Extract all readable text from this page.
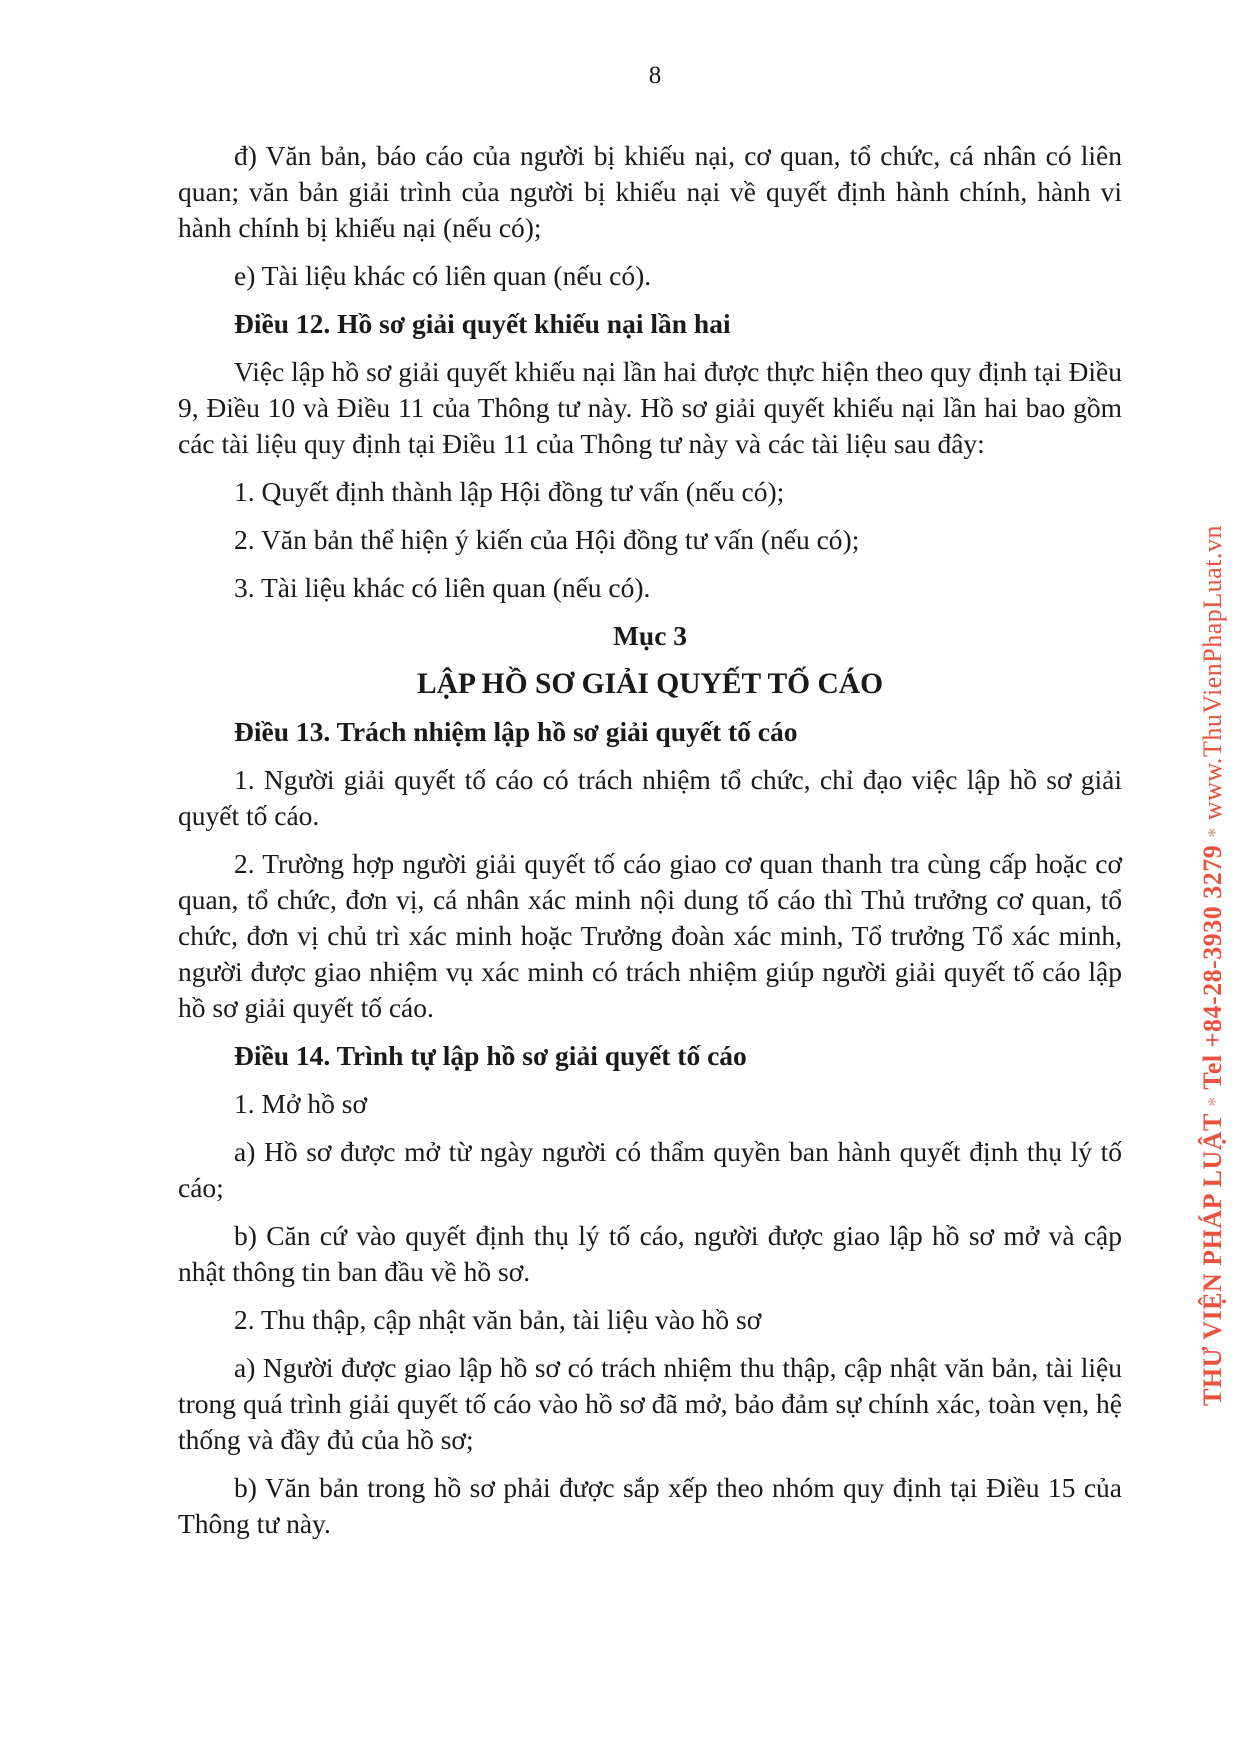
8

đ) Văn bản, báo cáo của người bị khiếu nại, cơ quan, tổ chức, cá nhân có liên quan; văn bản giải trình của người bị khiếu nại về quyết định hành chính, hành vi hành chính bị khiếu nại (nếu có);

e) Tài liệu khác có liên quan (nếu có).

Điều 12. Hồ sơ giải quyết khiếu nại lần hai

Việc lập hồ sơ giải quyết khiếu nại lần hai được thực hiện theo quy định tại Điều 9, Điều 10 và Điều 11 của Thông tư này. Hồ sơ giải quyết khiếu nại lần hai bao gồm các tài liệu quy định tại Điều 11 của Thông tư này và các tài liệu sau đây:

1. Quyết định thành lập Hội đồng tư vấn (nếu có);

2. Văn bản thể hiện ý kiến của Hội đồng tư vấn (nếu có);

3. Tài liệu khác có liên quan (nếu có).

Mục 3
LẬP HỒ SƠ GIẢI QUYẾT TỐ CÁO
Điều 13. Trách nhiệm lập hồ sơ giải quyết tố cáo

1. Người giải quyết tố cáo có trách nhiệm tổ chức, chỉ đạo việc lập hồ sơ giải quyết tố cáo.

2. Trường hợp người giải quyết tố cáo giao cơ quan thanh tra cùng cấp hoặc cơ quan, tổ chức, đơn vị, cá nhân xác minh nội dung tố cáo thì Thủ trưởng cơ quan, tổ chức, đơn vị chủ trì xác minh hoặc Trưởng đoàn xác minh, Tổ trưởng Tổ xác minh, người được giao nhiệm vụ xác minh có trách nhiệm giúp người giải quyết tố cáo lập hồ sơ giải quyết tố cáo.

Điều 14. Trình tự lập hồ sơ giải quyết tố cáo

1. Mở hồ sơ

a) Hồ sơ được mở từ ngày người có thẩm quyền ban hành quyết định thụ lý tố cáo;

b) Căn cứ vào quyết định thụ lý tố cáo, người được giao lập hồ sơ mở và cập nhật thông tin ban đầu về hồ sơ.

2. Thu thập, cập nhật văn bản, tài liệu vào hồ sơ

a) Người được giao lập hồ sơ có trách nhiệm thu thập, cập nhật văn bản, tài liệu trong quá trình giải quyết tố cáo vào hồ sơ đã mở, bảo đảm sự chính xác, toàn vẹn, hệ thống và đầy đủ của hồ sơ;

b) Văn bản trong hồ sơ phải được sắp xếp theo nhóm quy định tại Điều 15 của Thông tư này.

THƯ VIỆN PHÁP LUẬT * Tel +84-28-3930 3279 * www.ThuVienPhapLuat.vn
